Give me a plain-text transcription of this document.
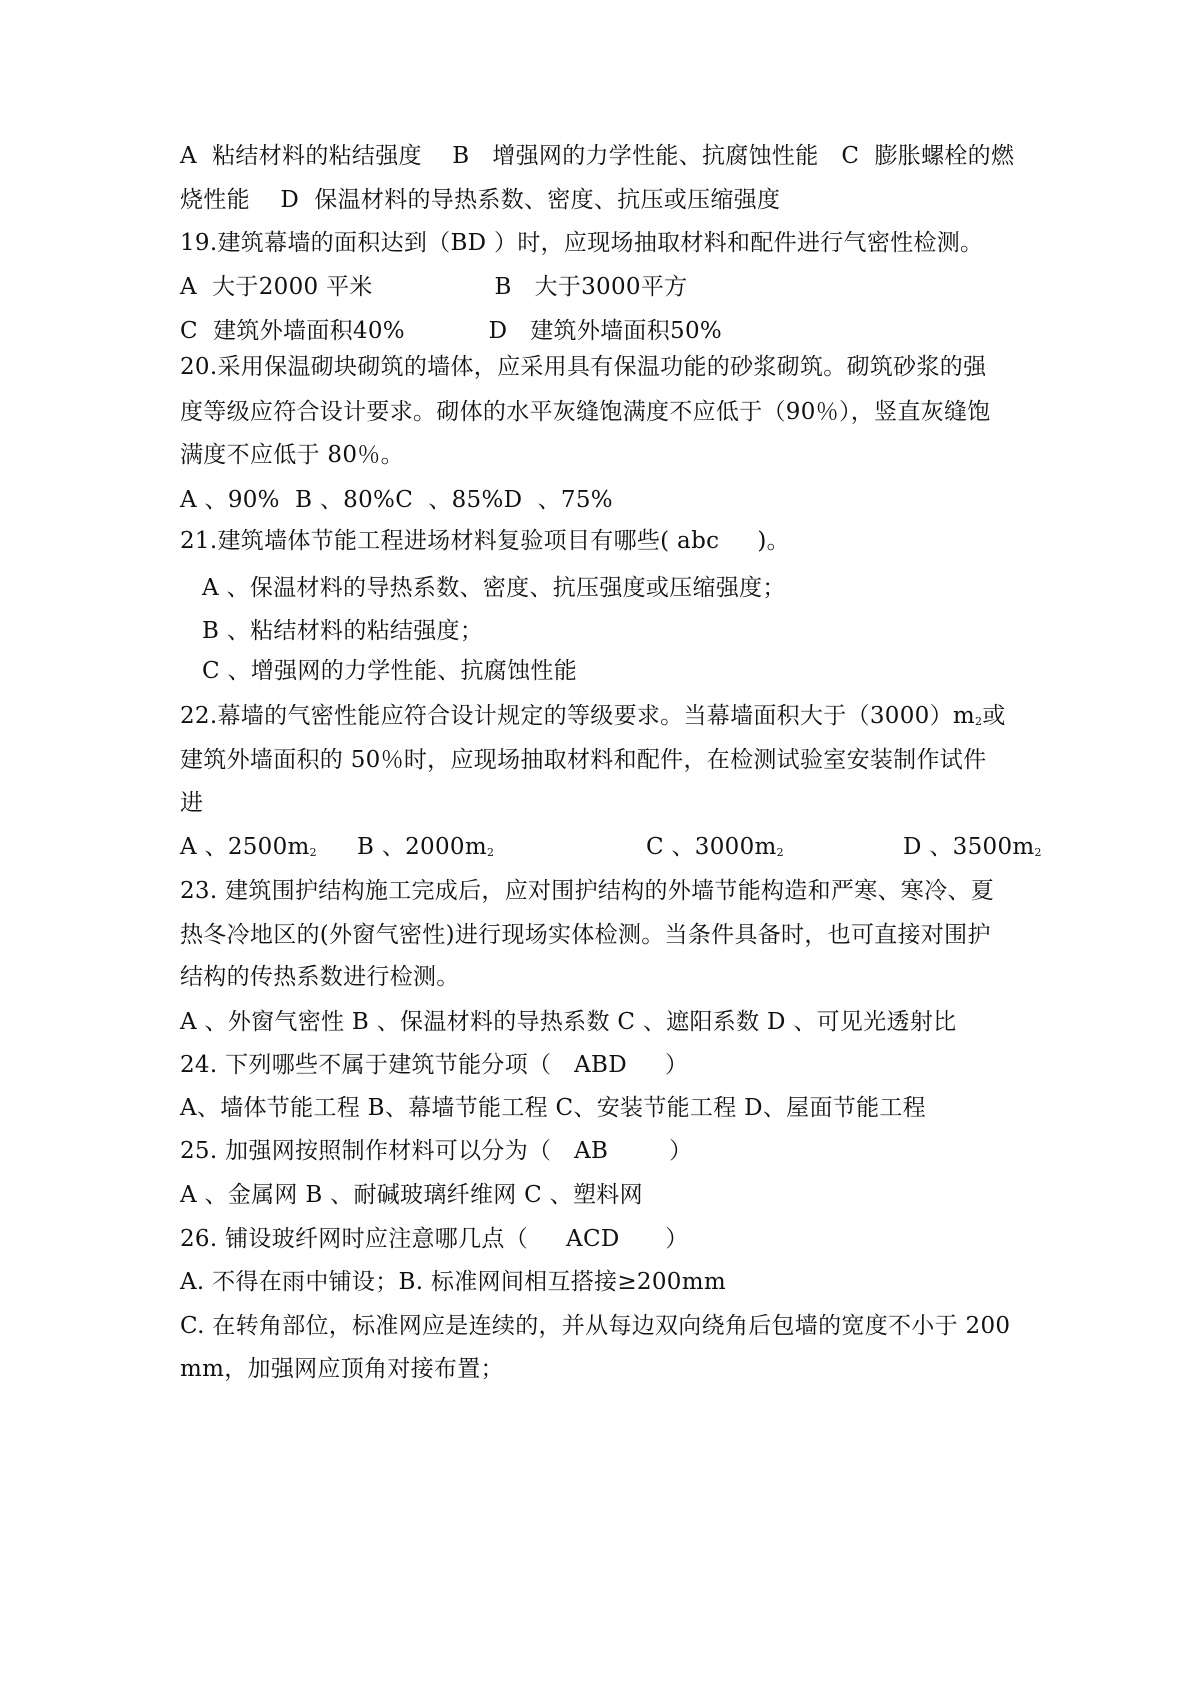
A  粘结材料的粘结强度    B   增强网的力学性能、抗腐蚀性能   C  膨胀螺栓的燃

烧性能    D  保温材料的导热系数、密度、抗压或压缩强度

19.建筑幕墙的面积达到（BD ）时，应现场抽取材料和配件进行气密性检测。

A  大于2000 平米                B   大于3000平方

C  建筑外墙面积40%           D   建筑外墙面积50%

20.采用保温砌块砌筑的墙体，应采用具有保温功能的砂浆砌筑。砌筑砂浆的强

度等级应符合设计要求。砌体的水平灰缝饱满度不应低于（90％），竖直灰缝饱

满度不应低于 80％。

A 、90%  B 、80%C  、85%D  、75%

21.建筑墙体节能工程进场材料复验项目有哪些( abc     )。

A 、保温材料的导热系数、密度、抗压强度或压缩强度；

B 、粘结材料的粘结强度；

C 、增强网的力学性能、抗腐蚀性能

22.幕墙的气密性能应符合设计规定的等级要求。当幕墙面积大于$(3000)m_2$或

建筑外墙面积的 50％时，应现场抽取材料和配件，在检测试验室安装制作试件

进

A 、$2500m_2$ B 、$2000m_2$	C 、$3000m_2$	D 、$3500m_2$

23. 建筑围护结构施工完成后，应对围护结构的外墙节能构造和严寒、寒冷、夏

热冬冷地区的(外窗气密性)进行现场实体检测。当条件具备时，也可直接对围护

结构的传热系数进行检测。

A 、外窗气密性 B 、保温材料的导热系数 C 、遮阳系数 D 、可见光透射比

24. 下列哪些不属于建筑节能分项（   ABD     ）

A、墙体节能工程 B、幕墙节能工程 C、安装节能工程 D、屋面节能工程

25. 加强网按照制作材料可以分为（   AB        ）

A 、金属网 B 、耐碱玻璃纤维网 C 、塑料网

26. 铺设玻纤网时应注意哪几点（     ACD      ）

A. 不得在雨中铺设；B. 标准网间相互搭接≥200mm

C. 在转角部位，标准网应是连续的，并从每边双向绕角后包墙的宽度不小于 200

mm，加强网应顶角对接布置；
